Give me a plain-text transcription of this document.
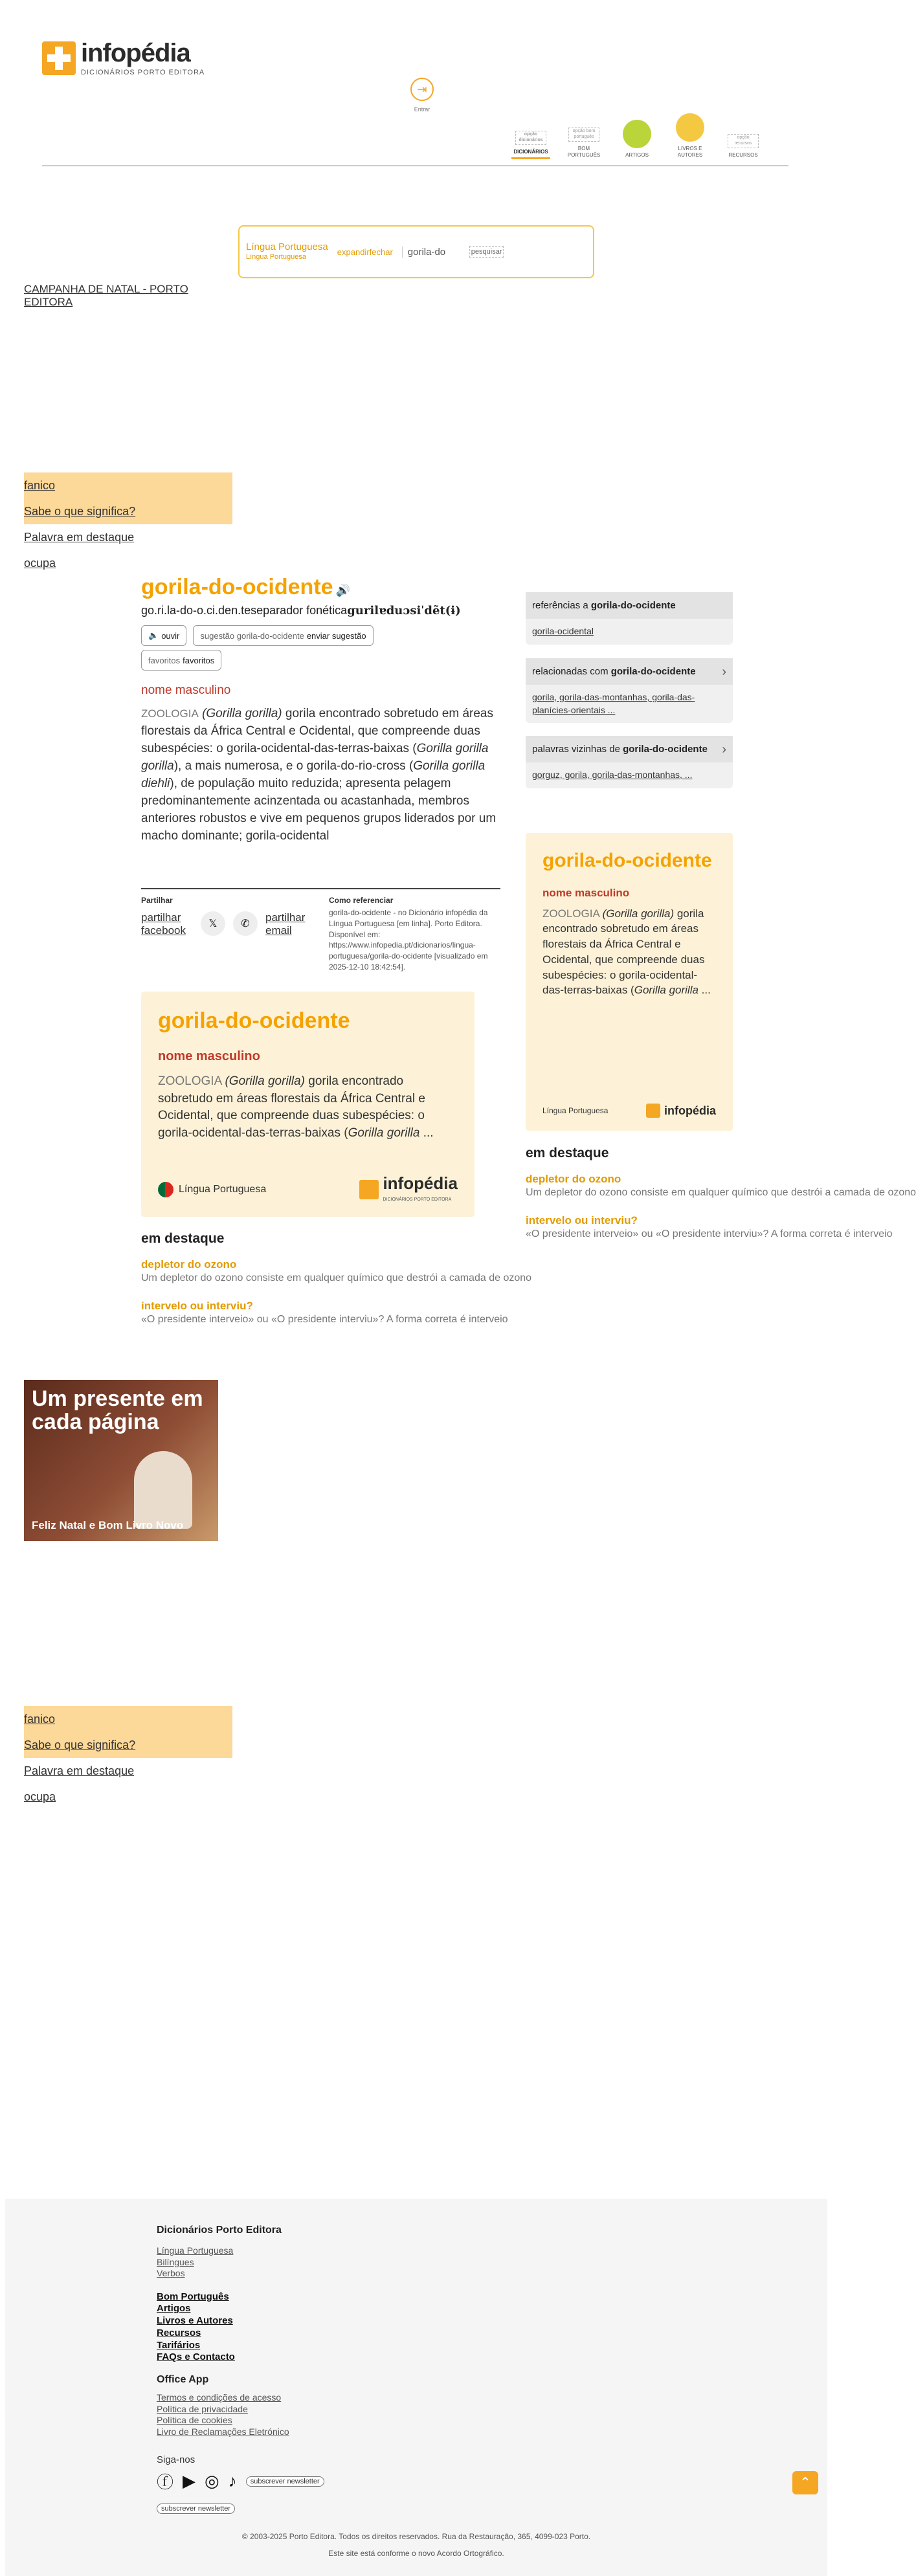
infopédia
DICIONÁRIOS PORTO EDITORA
⇥
Entrar
opção dicionários
DICIONÁRIOS
opção bom português
BOM PORTUGUÊS	ARTIGOS
LIVROS E AUTORES
opção recursos
RECURSOS
Língua Portuguesa
Língua Portuguesa
expandirfechar
gorila-do	pesquisar
CAMPANHA DE NATAL - PORTO EDITORA
fanico
Sabe o que significa?
Palavra em destaque
ocupa
gorila-do-ocidente 🔊
go.ri.la-do-o.ci.den.teseparador fonéticagurilɐduɔsiˈdẽt(ɨ)
🔈 ouvir sugestão gorila-do-ocidente enviar sugestão
favoritos favoritos
nome masculino
ZOOLOGIA (Gorilla gorilla) gorila encontrado sobretudo em áreas florestais da África Central e Ocidental, que compreende duas subespécies: o gorila-ocidental-das-terras-baixas (Gorilla gorilla gorilla), a mais numerosa, e o gorila-do-rio-cross (Gorilla gorilla diehli), de população muito reduzida; apresenta pelagem predominantemente acinzentada ou acastanhada, membros anteriores robustos e vive em pequenos grupos liderados por um macho dominante; gorila-ocidental
Partilhar
partilhar facebook
𝕏	✆
partilhar email
Como referenciar

gorila-do-ocidente - no Dicionário infopédia da Língua Portuguesa [em linha]. Porto Editora. Disponível em: https://www.infopedia.pt/dicionarios/lingua-portuguesa/gorila-do-ocidente [visualizado em 2025-12-10 18:42:54].

gorila-do-ocidente
nome masculino
ZOOLOGIA (Gorilla gorilla) gorila encontrado sobretudo em áreas florestais da África Central e Ocidental, que compreende duas subespécies: o gorila-ocidental-das-terras-baixas (Gorilla gorilla ...
Língua Portuguesa	infopédia
DICIONÁRIOS PORTO EDITORA
em destaque
depletor do ozono
Um depletor do ozono consiste em qualquer químico que destrói a camada de ozono
intervelo ou interviu?
«O presidente interveio» ou «O presidente interviu»? A forma correta é interveio
referências a gorila-do-ocidente
gorila-ocidental
relacionadas com gorila-do-ocidente ›
gorila, gorila-das-montanhas, gorila-das-planícies-orientais ...
palavras vizinhas de gorila-do-ocidente ›
gorguz, gorila, gorila-das-montanhas, ...
gorila-do-ocidente
nome masculino
ZOOLOGIA (Gorilla gorilla) gorila encontrado sobretudo em áreas florestais da África Central e Ocidental, que compreende duas subespécies: o gorila-ocidental-das-terras-baixas (Gorilla gorilla ...
Língua Portuguesa	infopédia
em destaque
depletor do ozono
Um depletor do ozono consiste em qualquer químico que destrói a camada de ozono
intervelo ou interviu?
«O presidente interveio» ou «O presidente interviu»? A forma correta é interveio
Um presente em cada página
Feliz Natal e Bom Livro Novo
fanico
Sabe o que significa?
Palavra em destaque
ocupa
Dicionários Porto Editora
Língua Portuguesa
Bilíngues
Verbos
Bom Português
Artigos
Livros e Autores
Recursos
Tarifários
FAQs e Contacto
Office App
Termos e condições de acesso
Política de privacidade
Política de cookies
Livro de Reclamações Eletrónico
Siga-nos
ⓕ ▶ ◎ ♪	subscrever newsletter
subscrever newsletter
© 2003-2025 Porto Editora. Todos os direitos reservados. Rua da Restauração, 365, 4099-023 Porto.
Este site está conforme o novo Acordo Ortográfico.
⌃
